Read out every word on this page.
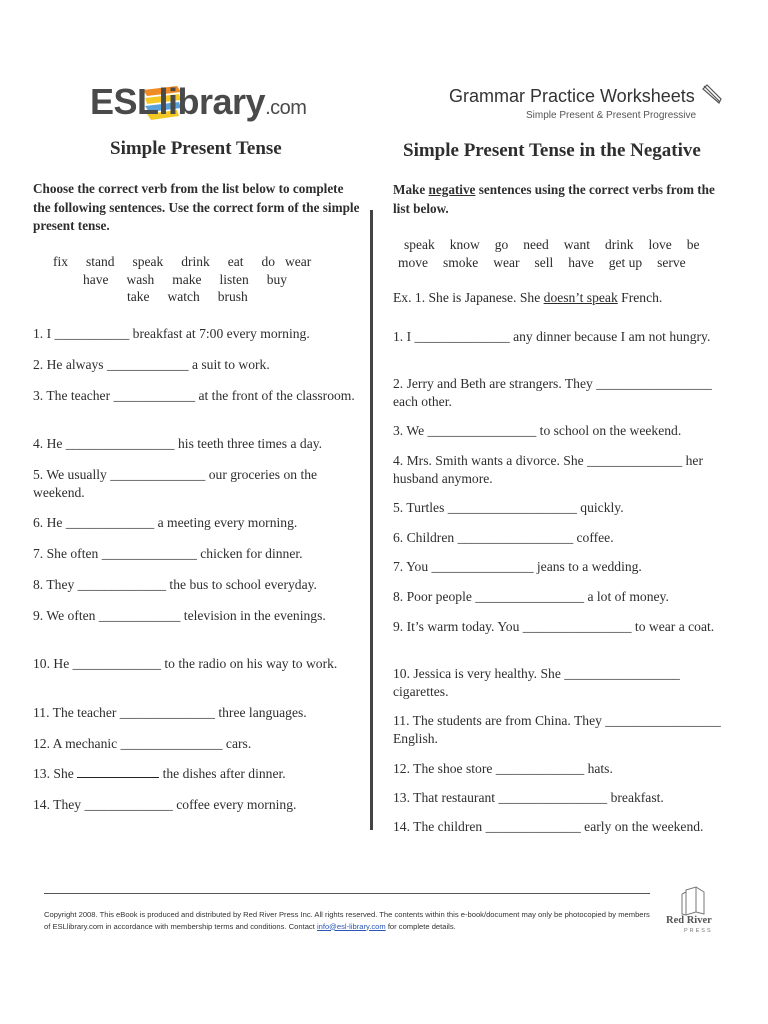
ESLlibrary.com
Grammar Practice Worksheets
Simple Present & Present Progressive
Simple Present Tense	Simple Present Tense in the Negative
Choose the correct verb from the list below to complete the following sentences. Use the correct form of the simple present tense.
Make negative sentences using the correct verbs from the list below.
fix stand speak drink eat do wear
have wash make listen buy
take watch brush
speak know go need want drink love be
move smoke wear sell have get up serve
Ex. 1. She is Japanese. She doesn’t speak French.
1. I ___________ breakfast at 7:00 every morning.
2. He always ____________ a suit to work.
3. The teacher ____________ at the front of the classroom.
4. He ________________ his teeth three times a day.
5. We usually ______________ our groceries on the weekend.
6. He _____________ a meeting every morning.
7. She often ______________ chicken for dinner.
8. They _____________ the bus to school everyday.
9. We often ____________ television in the evenings.
10. He _____________ to the radio on his way to work.
11. The teacher ______________ three languages.
12. A mechanic _______________ cars.
13. She	the dishes after dinner.
14. They _____________ coffee every morning.
1. I ______________ any dinner because I am not hungry.
2. Jerry and Beth are strangers. They _________________ each other.
3. We ________________ to school on the weekend.
4. Mrs. Smith wants a divorce. She ______________ her husband anymore.
5. Turtles ___________________ quickly.
6. Children _________________ coffee.
7. You _______________ jeans to a wedding.
8. Poor people ________________ a lot of money.
9. It’s warm today. You ________________ to wear a coat.
10. Jessica is very healthy. She _________________ cigarettes.
11. The students are from China. They _________________ English.
12. The shoe store _____________ hats.
13. That restaurant ________________ breakfast.
14. The children ______________ early on the weekend.
Copyright 2008. This eBook is produced and distributed by Red River Press Inc. All rights reserved. The contents within this e-book/document may only be photocopied by members of ESLlibrary.com in accordance with membership terms and conditions. Contact info@esl-library.com for complete details.	Red River
PRESS
